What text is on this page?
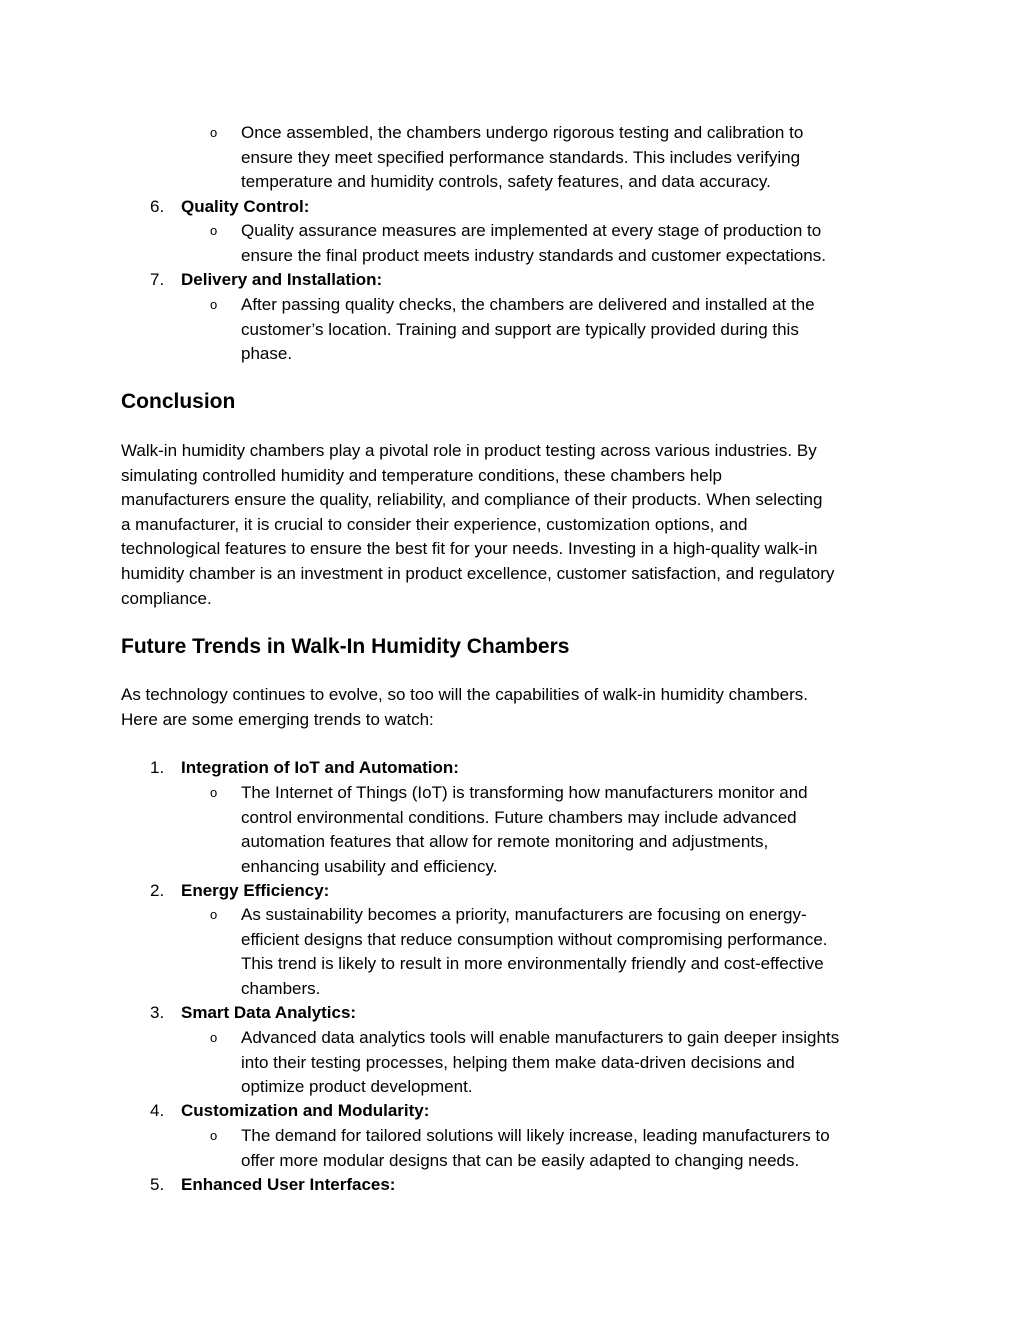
o Once assembled, the chambers undergo rigorous testing and calibration to
ensure they meet specified performance standards. This includes verifying
temperature and humidity controls, safety features, and data accuracy.
6. Quality Control:
o Quality assurance measures are implemented at every stage of production to
ensure the final product meets industry standards and customer expectations.
7. Delivery and Installation:
o After passing quality checks, the chambers are delivered and installed at the
customer’s location. Training and support are typically provided during this
phase.
Conclusion
Walk-in humidity chambers play a pivotal role in product testing across various industries. By
simulating controlled humidity and temperature conditions, these chambers help
manufacturers ensure the quality, reliability, and compliance of their products. When selecting
a manufacturer, it is crucial to consider their experience, customization options, and
technological features to ensure the best fit for your needs. Investing in a high-quality walk-in
humidity chamber is an investment in product excellence, customer satisfaction, and regulatory
compliance.
Future Trends in Walk-In Humidity Chambers
As technology continues to evolve, so too will the capabilities of walk-in humidity chambers.
Here are some emerging trends to watch:
1. Integration of IoT and Automation:
o The Internet of Things (IoT) is transforming how manufacturers monitor and
control environmental conditions. Future chambers may include advanced
automation features that allow for remote monitoring and adjustments,
enhancing usability and efficiency.
2. Energy Efficiency:
o As sustainability becomes a priority, manufacturers are focusing on energy-
efficient designs that reduce consumption without compromising performance.
This trend is likely to result in more environmentally friendly and cost-effective
chambers.
3. Smart Data Analytics:
o Advanced data analytics tools will enable manufacturers to gain deeper insights
into their testing processes, helping them make data-driven decisions and
optimize product development.
4. Customization and Modularity:
o The demand for tailored solutions will likely increase, leading manufacturers to
offer more modular designs that can be easily adapted to changing needs.
5. Enhanced User Interfaces:
